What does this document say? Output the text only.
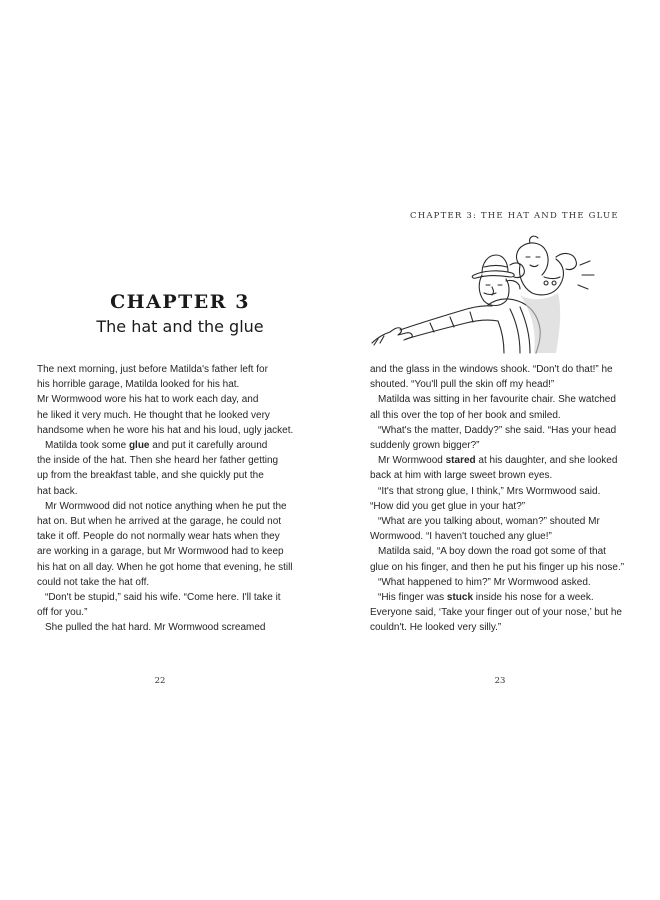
CHAPTER 3
The hat and the glue

The next morning, just before Matilda's father left for

his horrible garage, Matilda looked for his hat.

Mr Wormwood wore his hat to work each day, and

he liked it very much. He thought that he looked very

handsome when he wore his hat and his loud, ugly jacket.

Matilda took some glue and put it carefully around

the inside of the hat. Then she heard her father getting

up from the breakfast table, and she quickly put the

hat back.

Mr Wormwood did not notice anything when he put the

hat on. But when he arrived at the garage, he could not

take it off. People do not normally wear hats when they

are working in a garage, but Mr Wormwood had to keep

his hat on all day. When he got home that evening, he still

could not take the hat off.

“Don't be stupid,” said his wife. “Come here. I'll take it

off for you.”

She pulled the hat hard. Mr Wormwood screamed

22
CHAPTER 3: THE HAT AND THE GLUE

and the glass in the windows shook. “Don't do that!” he

shouted. “You'll pull the skin off my head!”

Matilda was sitting in her favourite chair. She watched

all this over the top of her book and smiled.

“What's the matter, Daddy?” she said. “Has your head

suddenly grown bigger?”

Mr Wormwood stared at his daughter, and she looked

back at him with large sweet brown eyes.

“It's that strong glue, I think,” Mrs Wormwood said.

“How did you get glue in your hat?”

“What are you talking about, woman?” shouted Mr

Wormwood. “I haven't touched any glue!”

Matilda said, “A boy down the road got some of that

glue on his finger, and then he put his finger up his nose.”

“What happened to him?” Mr Wormwood asked.

“His finger was stuck inside his nose for a week.

Everyone said, ‘Take your finger out of your nose,’ but he

couldn't. He looked very silly.”

23
